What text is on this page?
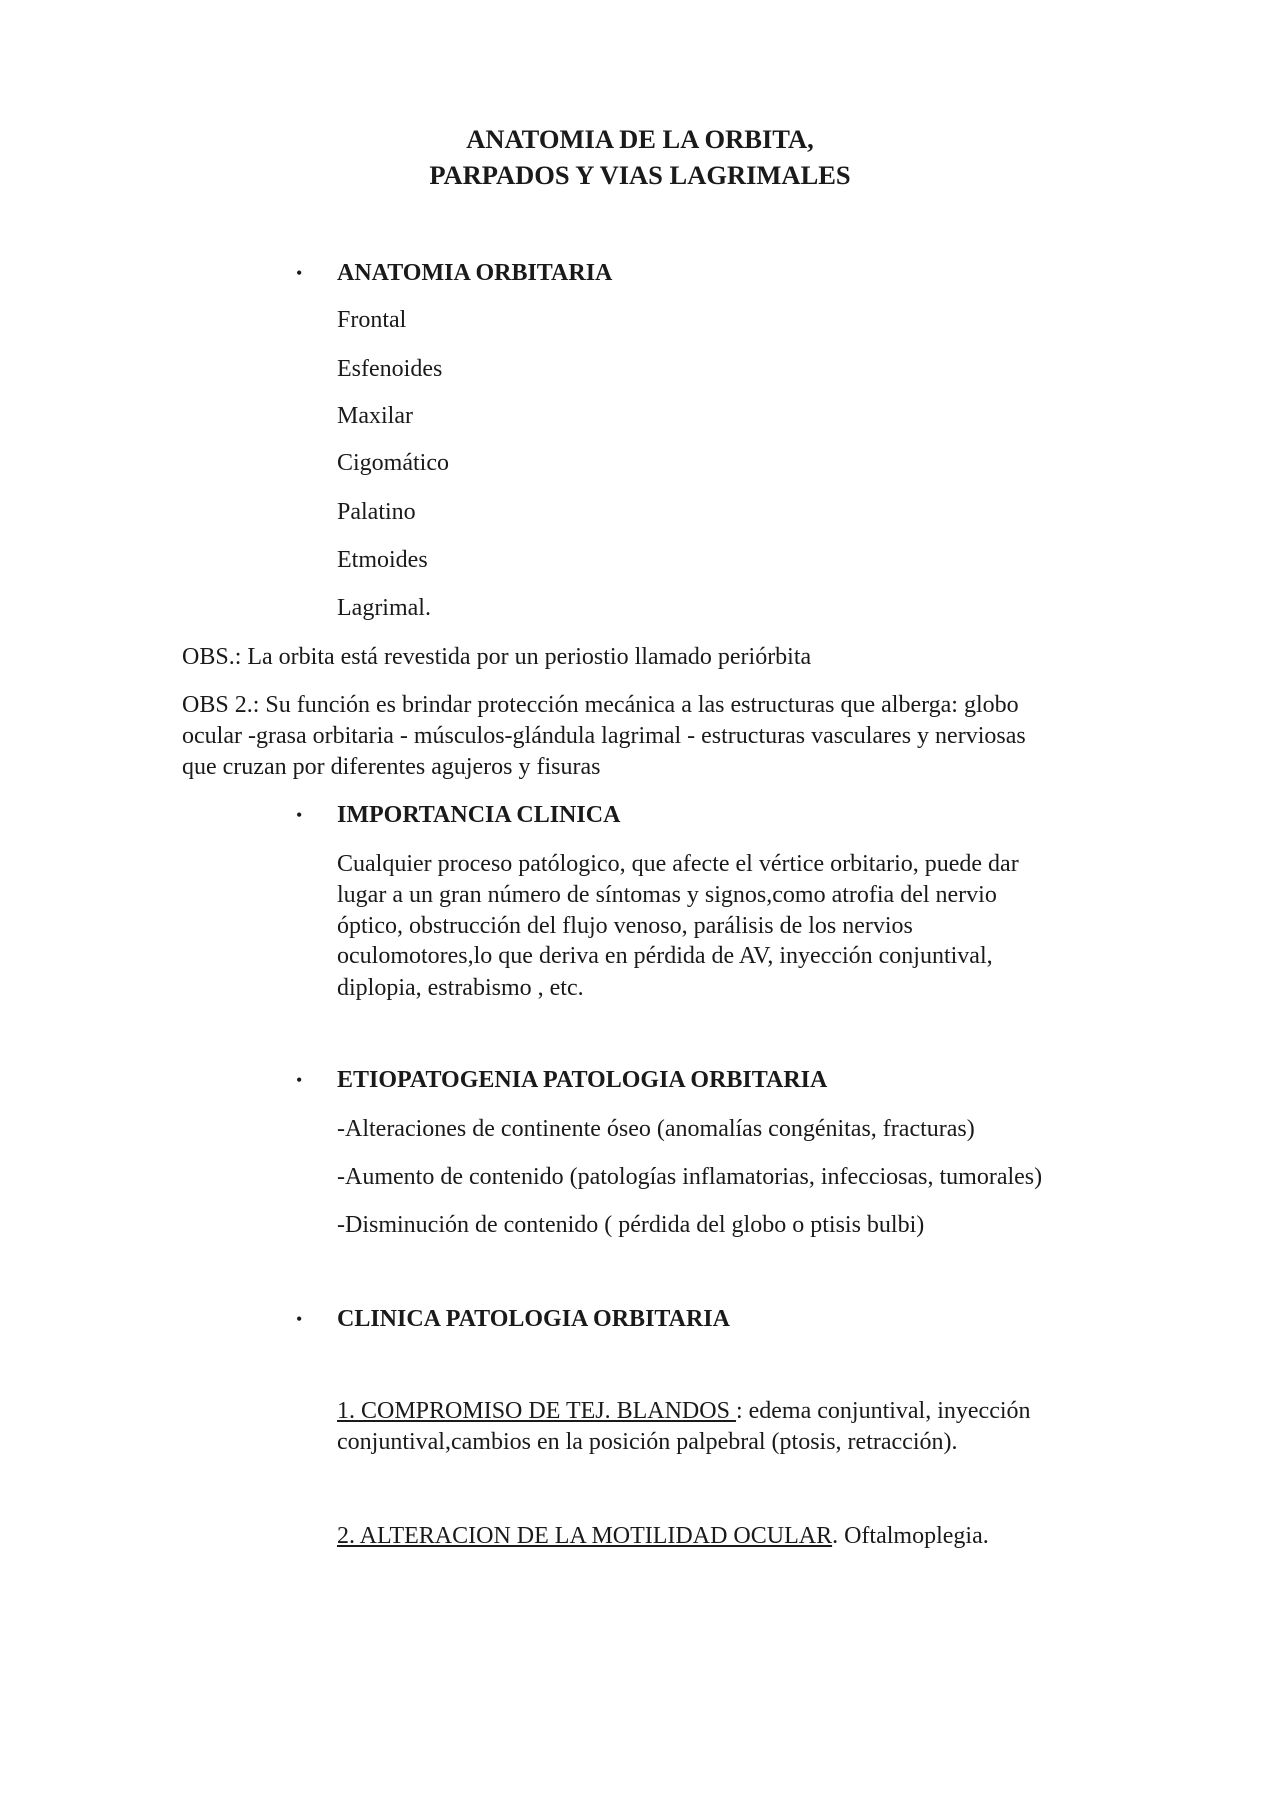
ANATOMIA DE LA ORBITA,
PARPADOS Y VIAS LAGRIMALES
• ANATOMIA ORBITARIA
Frontal
Esfenoides
Maxilar
Cigomático
Palatino
Etmoides
Lagrimal.
OBS.: La orbita está revestida por un periostio llamado periórbita
OBS 2.: Su función es brindar protección mecánica a las estructuras que alberga: globo
ocular -grasa orbitaria - músculos-glándula lagrimal - estructuras vasculares y nerviosas
que cruzan por diferentes agujeros y fisuras
• IMPORTANCIA CLINICA
Cualquier proceso patólogico, que afecte el vértice orbitario, puede dar
lugar a un gran número de síntomas y signos,como atrofia del nervio
óptico, obstrucción del flujo venoso, parálisis de los nervios
oculomotores,lo que deriva en pérdida de AV, inyección conjuntival,
diplopia, estrabismo , etc.
• ETIOPATOGENIA PATOLOGIA ORBITARIA
-Alteraciones de continente óseo (anomalías congénitas, fracturas)
-Aumento de contenido (patologías inflamatorias, infecciosas, tumorales)
-Disminución de contenido ( pérdida del globo o ptisis bulbi)
• CLINICA PATOLOGIA ORBITARIA
1. COMPROMISO DE TEJ. BLANDOS : edema conjuntival, inyección
conjuntival,cambios en la posición palpebral (ptosis, retracción).
2. ALTERACION DE LA MOTILIDAD OCULAR. Oftalmoplegia.
